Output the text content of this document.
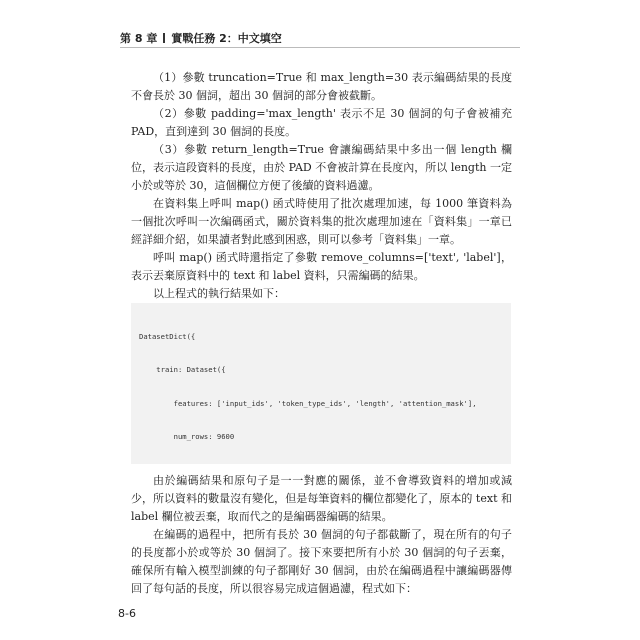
第 8 章 實戰任務 2：中文填空

（1）參數 truncation=True 和 max_length=30 表示編碼結果的長度不會長於 30 個詞，超出 30 個詞的部分會被截斷。

（2）參數 padding='max_length' 表示不足 30 個詞的句子會被補充 PAD，直到達到 30 個詞的長度。

（3）參數 return_length=True 會讓編碼結果中多出一個 length 欄位，表示這段資料的長度，由於 PAD 不會被計算在長度內，所以 length 一定小於或等於 30，這個欄位方便了後續的資料過濾。

在資料集上呼叫 map() 函式時使用了批次處理加速，每 1000 筆資料為一個批次呼叫一次編碼函式，關於資料集的批次處理加速在「資料集」一章已經詳細介紹，如果讀者對此感到困惑，則可以參考「資料集」一章。

呼叫 map() 函式時還指定了參數 remove_columns=['text', 'label']，表示丟棄原資料中的 text 和 label 資料，只需編碼的結果。

以上程式的執行結果如下：

DatasetDict({

train: Dataset({

features: ['input_ids', 'token_type_ids', 'length', 'attention_mask'],

num_rows: 9600

由於編碼結果和原句子是一一對應的關係，並不會導致資料的增加或減少，所以資料的數量沒有變化，但是每筆資料的欄位都變化了，原本的 text 和 label 欄位被丟棄，取而代之的是編碼器編碼的結果。

在編碼的過程中，把所有長於 30 個詞的句子都截斷了，現在所有的句子的長度都小於或等於 30 個詞了。接下來要把所有小於 30 個詞的句子丟棄，確保所有輸入模型訓練的句子都剛好 30 個詞，由於在編碼過程中讓編碼器傳回了每句話的長度，所以很容易完成這個過濾，程式如下：

8-6
